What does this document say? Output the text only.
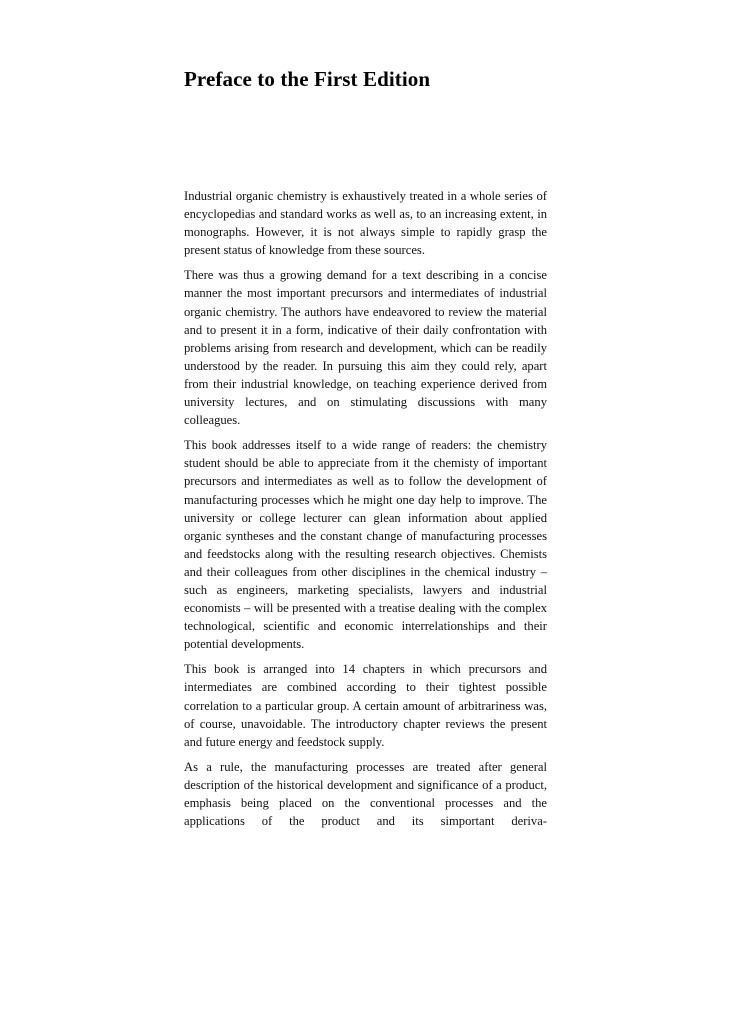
Preface to the First Edition

Industrial organic chemistry is exhaustively treated in a whole series of encyclopedias and standard works as well as, to an increasing extent, in monographs. However, it is not always simple to rapidly grasp the present status of knowledge from these sources.

There was thus a growing demand for a text describing in a concise manner the most important precursors and intermediates of industrial organic chemistry. The authors have endeavored to review the material and to present it in a form, indicative of their daily confrontation with problems arising from research and development, which can be readily understood by the reader. In pursuing this aim they could rely, apart from their industrial knowledge, on teaching experience derived from university lectures, and on stimulating discussions with many colleagues.

This book addresses itself to a wide range of readers: the chemistry student should be able to appreciate from it the chemisty of important precursors and intermediates as well as to follow the development of manufacturing processes which he might one day help to improve. The university or college lecturer can glean information about applied organic syntheses and the constant change of manufacturing processes and feedstocks along with the resulting research objectives. Chemists and their colleagues from other disciplines in the chemical industry – such as engineers, marketing specialists, lawyers and industrial economists – will be presented with a treatise dealing with the complex technological, scientific and economic interrelationships and their potential developments.

This book is arranged into 14 chapters in which precursors and intermediates are combined according to their tightest possible correlation to a particular group. A certain amount of arbitrariness was, of course, unavoidable. The introductory chapter reviews the present and future energy and feedstock supply.

As a rule, the manufacturing processes are treated after general description of the historical development and significance of a product, emphasis being placed on the conventional processes and the applications of the product and its simportant deriva-
